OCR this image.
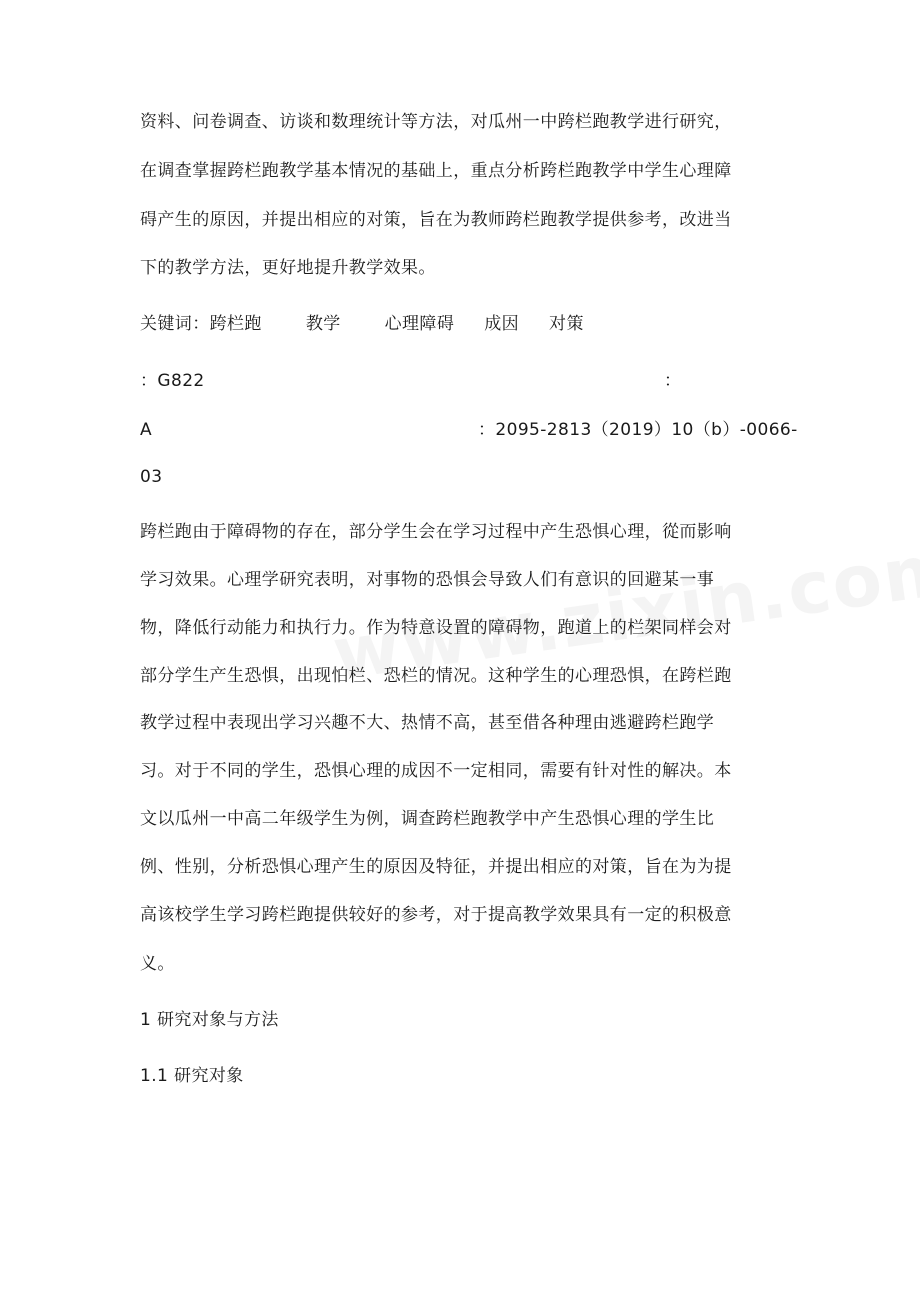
资料、问卷调查、访谈和数理统计等方法，对瓜州一中跨栏跑教学进行研究，
在调查掌握跨栏跑教学基本情况的基础上，重点分析跨栏跑教学中学生心理障
碍产生的原因，并提出相应的对策，旨在为教师跨栏跑教学提供参考，改进当
下的教学方法，更好地提升教学效果。
关键词：跨栏跑	教学	心理障碍 成因 对策
：G822	：
A	：2095-2813（2019）10（b）-0066-
03
跨栏跑由于障碍物的存在，部分学生会在学习过程中产生恐惧心理，從而影响
学习效果。心理学研究表明，对事物的恐惧会导致人们有意识的回避某一事
物，降低行动能力和执行力。作为特意设置的障碍物，跑道上的栏架同样会对
部分学生产生恐惧，出现怕栏、恐栏的情况。这种学生的心理恐惧，在跨栏跑
教学过程中表现出学习兴趣不大、热情不高，甚至借各种理由逃避跨栏跑学
习。对于不同的学生，恐惧心理的成因不一定相同，需要有针对性的解决。本
文以瓜州一中高二年级学生为例，调查跨栏跑教学中产生恐惧心理的学生比
例、性别，分析恐惧心理产生的原因及特征，并提出相应的对策，旨在为为提
高该校学生学习跨栏跑提供较好的参考，对于提高教学效果具有一定的积极意
义。
1 研究对象与方法
1.1 研究对象
